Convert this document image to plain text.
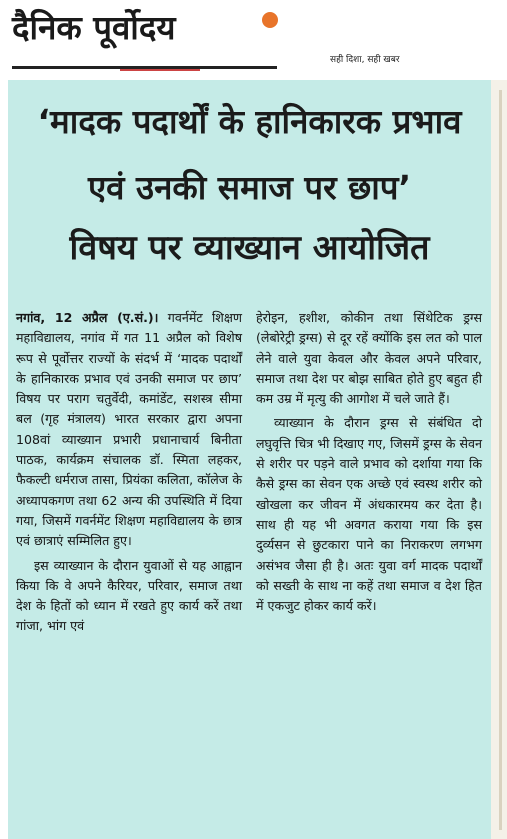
दैनिक पूर्वोदय
सही दिशा, सही खबर
‘मादक पदार्थों के हानिकारक प्रभाव
एवं उनकी समाज पर छाप’
विषय पर व्याख्यान आयोजित

नगांव, 12 अप्रैल (ए.सं.)। गवर्नमेंट शिक्षण महाविद्यालय, नगांव में गत 11 अप्रैल को विशेष रूप से पूर्वोत्तर राज्यों के संदर्भ में ‘मादक पदार्थों के हानिकारक प्रभाव एवं उनकी समाज पर छाप’ विषय पर पराग चतुर्वेदी, कमांडेंट, सशस्त्र सीमा बल (गृह मंत्रालय) भारत सरकार द्वारा अपना 108वां व्याख्यान प्रभारी प्रधानाचार्य बिनीता पाठक, कार्यक्रम संचालक डॉ. स्मिता लहकर, फैकल्टी धर्मराज तासा, प्रियंका कलिता, कॉलेज के अध्यापकगण तथा 62 अन्य की उपस्थिति में दिया गया, जिसमें गवर्नमेंट शिक्षण महाविद्यालय के छात्र एवं छात्राएं सम्मिलित हुए।

इस व्याख्यान के दौरान युवाओं से यह आह्वान किया कि वे अपने कैरियर, परिवार, समाज तथा देश के हितों को ध्यान में रखते हुए कार्य करें तथा गांजा, भांग एवं

हेरोइन, हशीश, कोकीन तथा सिंथेटिक ड्रग्स (लेबोरेट्री ड्रग्स) से दूर रहें क्योंकि इस लत को पाल लेने वाले युवा केवल और केवल अपने परिवार, समाज तथा देश पर बोझ साबित होते हुए बहुत ही कम उम्र में मृत्यु की आगोश में चले जाते हैं।

व्याख्यान के दौरान ड्रग्स से संबंधित दो लघुवृत्ति चित्र भी दिखाए गए, जिसमें ड्रग्स के सेवन से शरीर पर पड़ने वाले प्रभाव को दर्शाया गया कि कैसे ड्रग्स का सेवन एक अच्छे एवं स्वस्थ शरीर को खोखला कर जीवन में अंधकारमय कर देता है। साथ ही यह भी अवगत कराया गया कि इस दुर्व्यसन से छुटकारा पाने का निराकरण लगभग असंभव जैसा ही है। अतः युवा वर्ग मादक पदार्थों को सख्ती के साथ ना कहें तथा समाज व देश हित में एकजुट होकर कार्य करें।
